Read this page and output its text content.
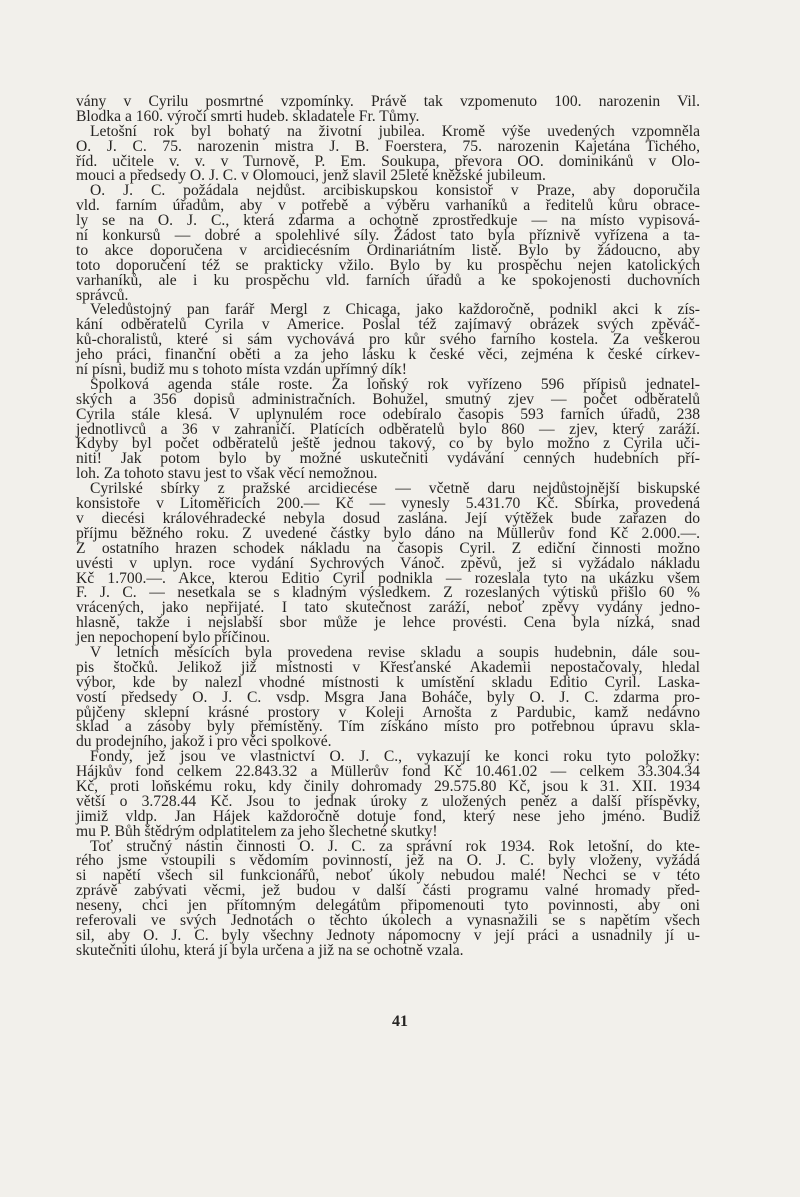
vány v Cyrilu posmrtné vzpomínky. Právě tak vzpomenuto 100. narozenin Vil.
Blodka a 160. výročí smrti hudeb. skladatele Fr. Tůmy.
Letošní rok byl bohatý na životní jubilea. Kromě výše uvedených vzpomněla
O. J. C. 75. narozenin mistra J. B. Foerstera, 75. narozenin Kajetána Tichého,
říd. učitele v. v. v Turnově, P. Em. Soukupa, převora OO. dominikánů v Olo-
mouci a předsedy O. J. C. v Olomouci, jenž slavil 25leté kněžské jubileum.
O. J. C. požádala nejdůst. arcibiskupskou konsistoř v Praze, aby doporučila
vld. farním úřadům, aby v potřebě a výběru varhaníků a ředitelů kůru obrace-
ly se na O. J. C., která zdarma a ochotně zprostředkuje — na místo vypisová-
ní konkursů — dobré a spolehlivé síly. Žádost tato byla příznivě vyřízena a ta-
to akce doporučena v arcidiecésním Ordinariátním listě. Bylo by žádoucno, aby
toto doporučení též se prakticky vžilo. Bylo by ku prospěchu nejen katolických
varhaníků, ale i ku prospěchu vld. farních úřadů a ke spokojenosti duchovních
správců.
Veledůstojný pan farář Mergl z Chicaga, jako každoročně, podnikl akci k zís-
kání odběratelů Cyrila v Americe. Poslal též zajímavý obrázek svých zpěváč-
ků-choralistů, které si sám vychovává pro kůr svého farního kostela. Za veškerou
jeho práci, finanční oběti a za jeho lásku k české věci, zejména k české církev-
ní písni, budiž mu s tohoto místa vzdán upřímný dík!
Spolková agenda stále roste. Za loňský rok vyřízeno 596 přípisů jednatel-
ských a 356 dopisů administračních. Bohužel, smutný zjev — počet odběratelů
Cyrila stále klesá. V uplynulém roce odebíralo časopis 593 farních úřadů, 238
jednotlivců a 36 v zahraničí. Platících odběratelů bylo 860 — zjev, který zaráží.
Kdyby byl počet odběratelů ještě jednou takový, co by bylo možno z Cyrila uči-
niti! Jak potom bylo by možné uskutečniti vydávání cenných hudebních pří-
loh. Za tohoto stavu jest to však věcí nemožnou.
Cyrilské sbírky z pražské arcidiecése — včetně daru nejdůstojnější biskupské
konsistoře v Litoměřicích 200.— Kč — vynesly 5.431.70 Kč. Sbírka, provedená
v diecési královéhradecké nebyla dosud zaslána. Její výtěžek bude zařazen do
příjmu běžného roku. Z uvedené částky bylo dáno na Müllerův fond Kč 2.000.—.
Z ostatního hrazen schodek nákladu na časopis Cyril. Z ediční činnosti možno
uvésti v uplyn. roce vydání Sychrových Vánoč. zpěvů, jež si vyžádalo nákladu
Kč 1.700.—. Akce, kterou Editio Cyril podnikla — rozeslala tyto na ukázku všem
F. J. C. — nesetkala se s kladným výsledkem. Z rozeslaných výtisků přišlo 60 %
vrácených, jako nepřijaté. I tato skutečnost zaráží, neboť zpěvy vydány jedno-
hlasně, takže i nejslabší sbor může je lehce provésti. Cena byla nízká, snad
jen nepochopení bylo příčinou.
V letních měsících byla provedena revise skladu a soupis hudebnin, dále sou-
pis štočků. Jelikož již místnosti v Křesťanské Akademii nepostačovaly, hledal
výbor, kde by nalezl vhodné místnosti k umístění skladu Editio Cyril. Laska-
vostí předsedy O. J. C. vsdp. Msgra Jana Boháče, byly O. J. C. zdarma pro-
půjčeny sklepní krásné prostory v Koleji Arnošta z Pardubic, kamž nedávno
sklad a zásoby byly přemístěny. Tím získáno místo pro potřebnou úpravu skla-
du prodejního, jakož i pro věci spolkové.
Fondy, jež jsou ve vlastnictví O. J. C., vykazují ke konci roku tyto položky:
Hájkův fond celkem 22.843.32 a Müllerův fond Kč 10.461.02 — celkem 33.304.34
Kč, proti loňskému roku, kdy činily dohromady 29.575.80 Kč, jsou k 31. XII. 1934
větší o 3.728.44 Kč. Jsou to jednak úroky z uložených peněz a další příspěvky,
jimiž vldp. Jan Hájek každoročně dotuje fond, který nese jeho jméno. Budiž
mu P. Bůh štědrým odplatitelem za jeho šlechetné skutky!
Toť stručný nástin činnosti O. J. C. za správní rok 1934. Rok letošní, do kte-
rého jsme vstoupili s vědomím povinností, jež na O. J. C. byly vloženy, vyžádá
si napětí všech sil funkcionářů, neboť úkoly nebudou malé! Nechci se v této
zprávě zabývati věcmi, jež budou v další části programu valné hromady před-
neseny, chci jen přítomným delegátům připomenouti tyto povinnosti, aby oni
referovali ve svých Jednotách o těchto úkolech a vynasnažili se s napětím všech
sil, aby O. J. C. byly všechny Jednoty nápomocny v její práci a usnadnily jí u-
skutečniti úlohu, která jí byla určena a již na se ochotně vzala.
41
